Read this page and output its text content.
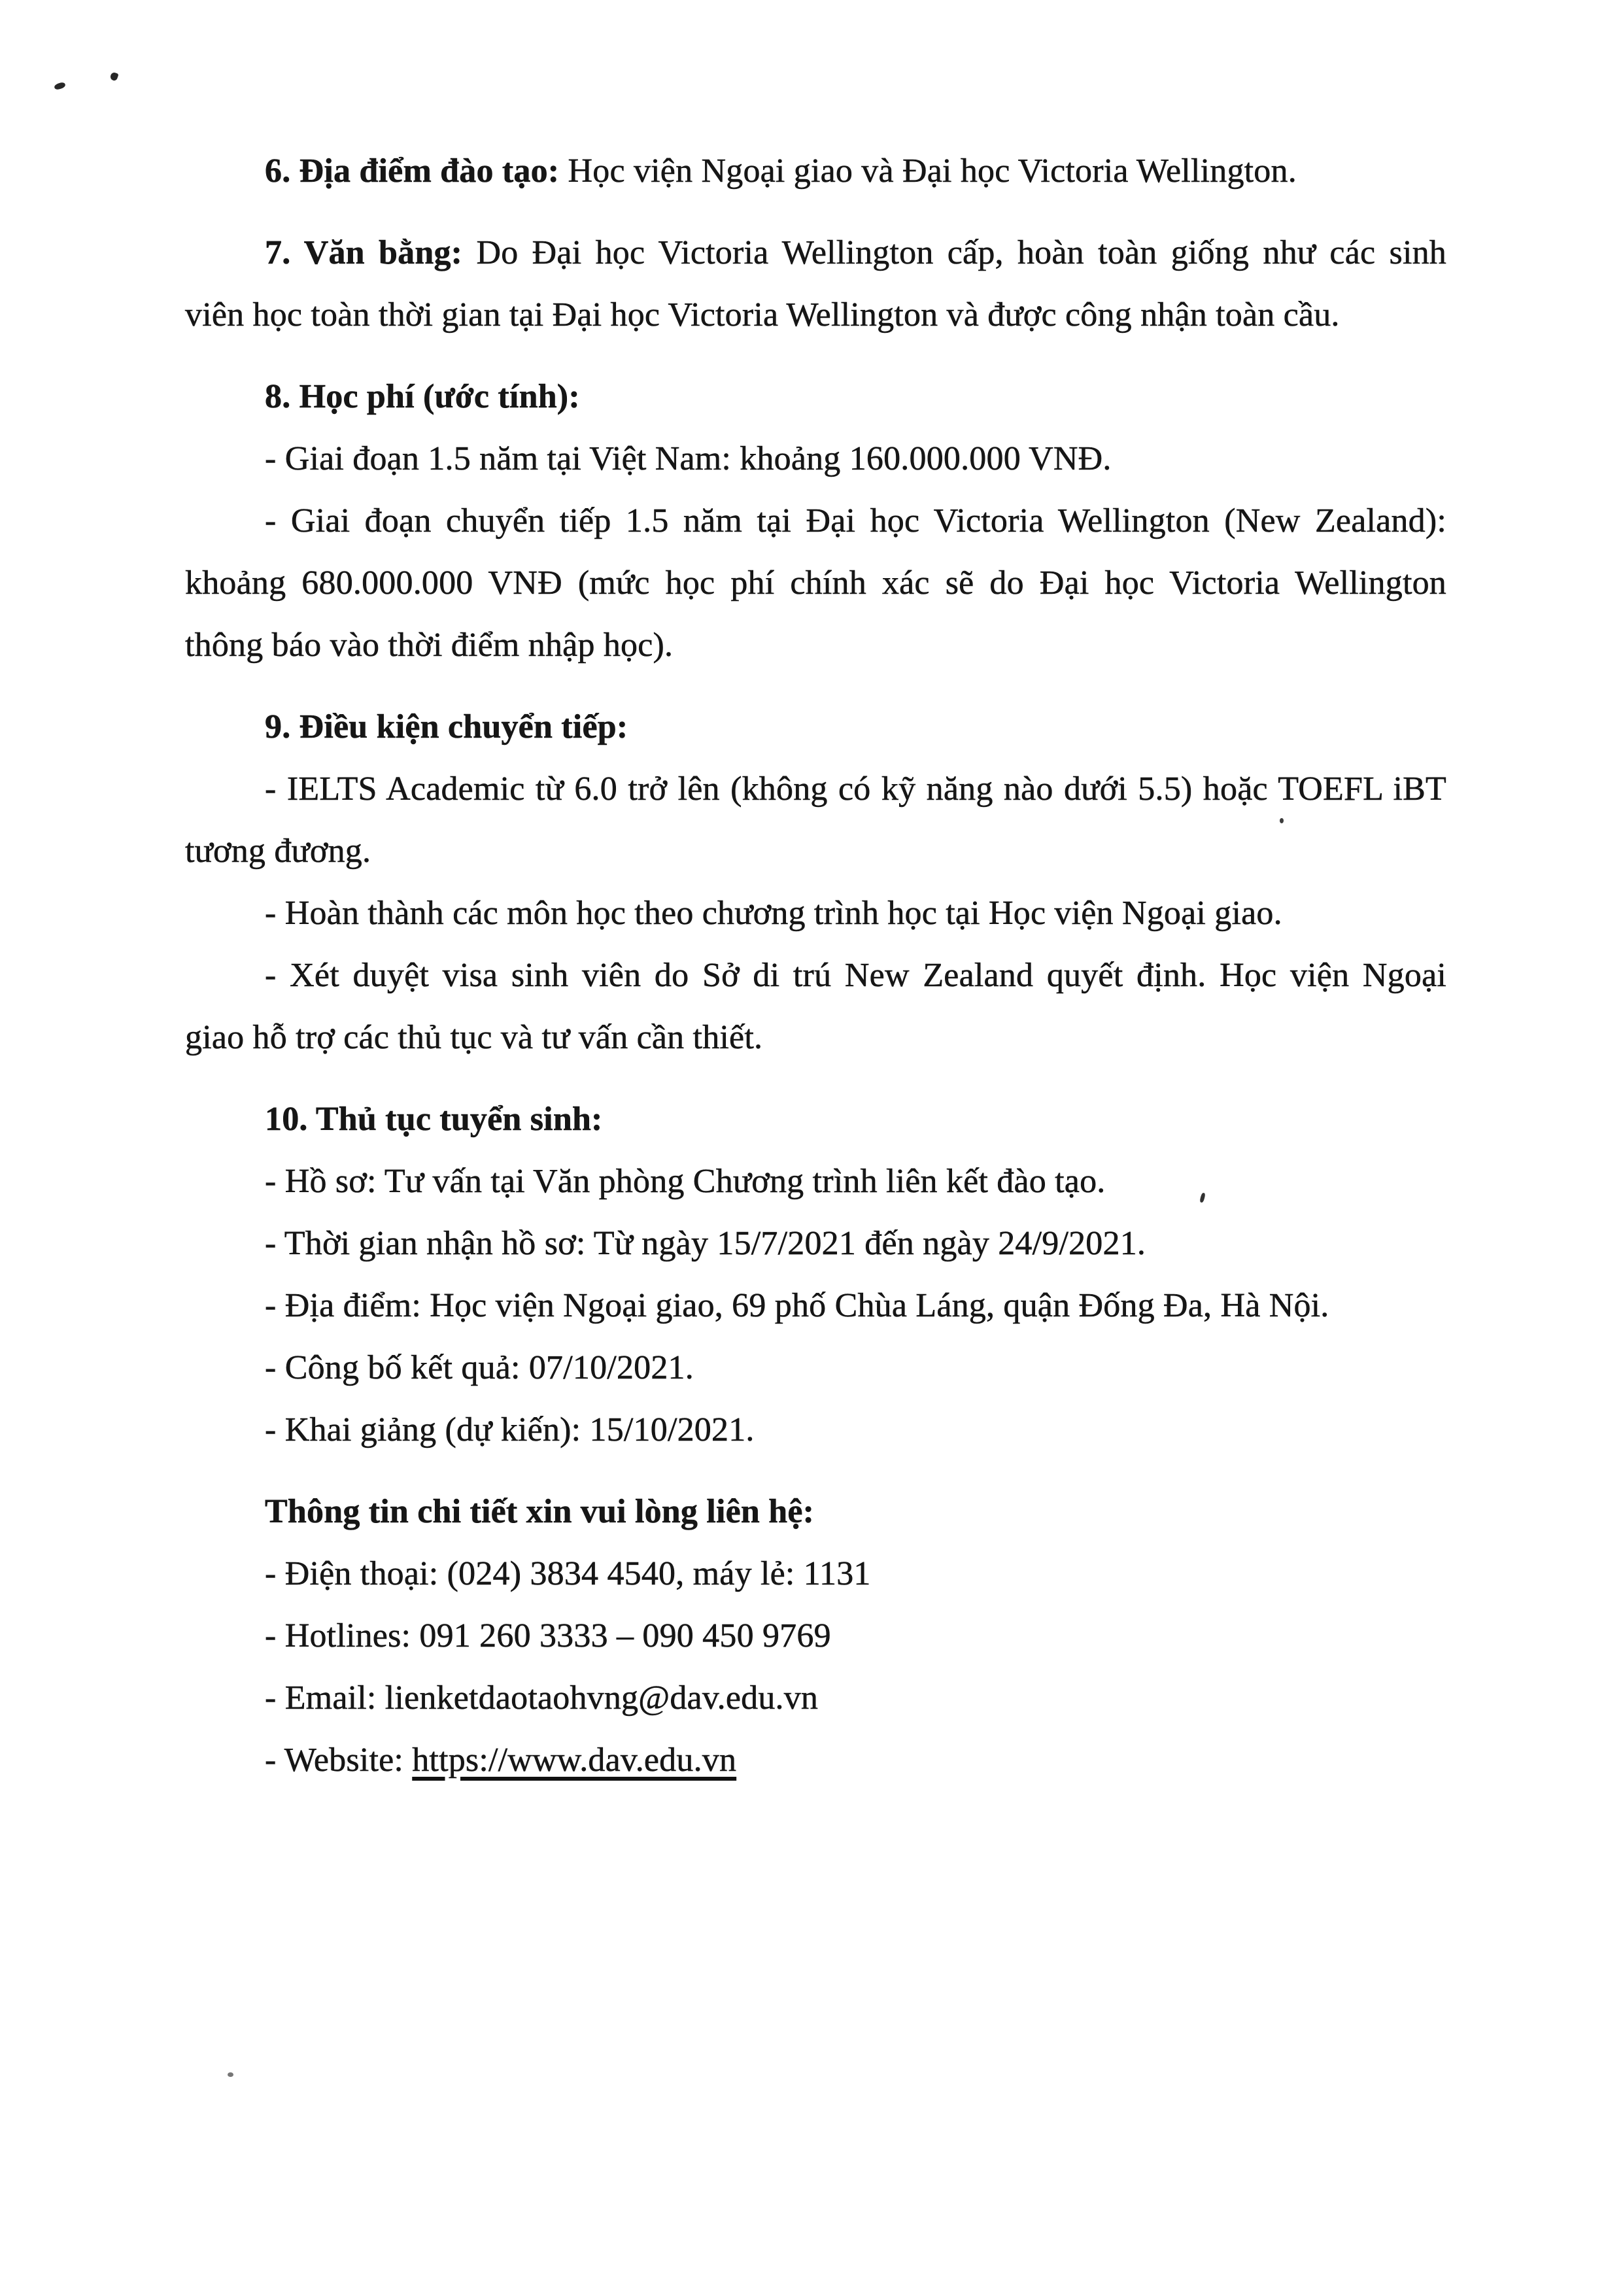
6. Địa điểm đào tạo: Học viện Ngoại giao và Đại học Victoria Wellington.
7. Văn bằng: Do Đại học Victoria Wellington cấp, hoàn toàn giống như các sinh
viên học toàn thời gian tại Đại học Victoria Wellington và được công nhận toàn cầu.
8. Học phí (ước tính):
- Giai đoạn 1.5 năm tại Việt Nam: khoảng 160.000.000 VNĐ.
- Giai đoạn chuyển tiếp 1.5 năm tại Đại học Victoria Wellington (New Zealand):
khoảng 680.000.000 VNĐ (mức học phí chính xác sẽ do Đại học Victoria Wellington
thông báo vào thời điểm nhập học).
9. Điều kiện chuyển tiếp:
- IELTS Academic từ 6.0 trở lên (không có kỹ năng nào dưới 5.5) hoặc TOEFL iBT
tương đương.
- Hoàn thành các môn học theo chương trình học tại Học viện Ngoại giao.
- Xét duyệt visa sinh viên do Sở di trú New Zealand quyết định. Học viện Ngoại
giao hỗ trợ các thủ tục và tư vấn cần thiết.
10. Thủ tục tuyển sinh:
- Hồ sơ: Tư vấn tại Văn phòng Chương trình liên kết đào tạo.
- Thời gian nhận hồ sơ: Từ ngày 15/7/2021 đến ngày 24/9/2021.
- Địa điểm: Học viện Ngoại giao, 69 phố Chùa Láng, quận Đống Đa, Hà Nội.
- Công bố kết quả: 07/10/2021.
- Khai giảng (dự kiến): 15/10/2021.
Thông tin chi tiết xin vui lòng liên hệ:
- Điện thoại: (024) 3834 4540, máy lẻ: 1131
- Hotlines: 091 260 3333 – 090 450 9769
- Email: lienketdaotaohvng@dav.edu.vn
- Website: https://www.dav.edu.vn
